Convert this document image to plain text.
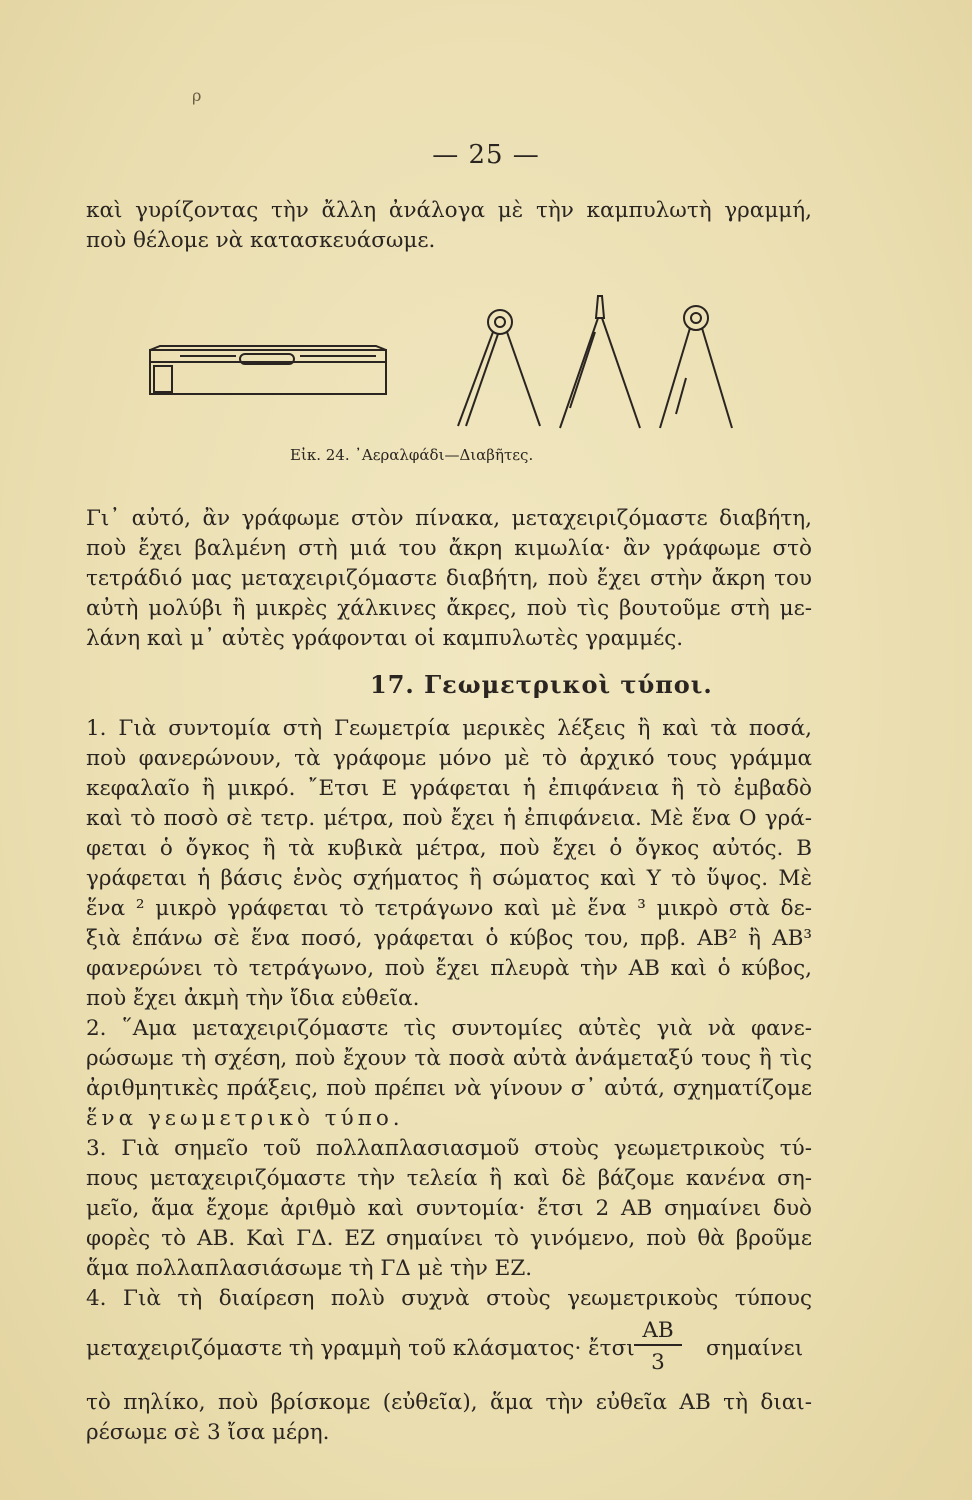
ρ
— 25 —
καὶ γυρίζοντας τὴν ἄλλη ἀνάλογα μὲ τὴν καμπυλωτὴ γραμμή,
ποὺ θέλομε νὰ κατασκευάσωμε.
Εἰκ. 24. ᾿Αεραλφάδι—Διαβῆτες.
Γι᾿ αὐτό, ἂν γράφωμε στὸν πίνακα, μεταχειριζόμαστε διαβήτη,
ποὺ ἔχει βαλμένη στὴ μιά του ἄκρη κιμωλία· ἂν γράφωμε στὸ
τετράδιό μας μεταχειριζόμαστε διαβήτη, ποὺ ἔχει στὴν ἄκρη του
αὐτὴ μολύβι ἢ μικρὲς χάλκινες ἄκρες, ποὺ τὶς βουτοῦμε στὴ με-
λάνη καὶ μ᾿ αὐτὲς γράφονται οἱ καμπυλωτὲς γραμμές.
17. Γεωμετρικοὶ τύποι.
1. Γιὰ συντομία στὴ Γεωμετρία μερικὲς λέξεις ἢ καὶ τὰ ποσά,
ποὺ φανερώνουν, τὰ γράφομε μόνο μὲ τὸ ἀρχικό τους γράμμα
κεφαλαῖο ἢ μικρό. ῎Ετσι Ε γράφεται ἡ ἐπιφάνεια ἢ τὸ ἐμβαδὸ
καὶ τὸ ποσὸ σὲ τετρ. μέτρα, ποὺ ἔχει ἡ ἐπιφάνεια. Μὲ ἕνα Ο γρά-
φεται ὁ ὄγκος ἢ τὰ κυβικὰ μέτρα, ποὺ ἔχει ὁ ὄγκος αὐτός. Β
γράφεται ἡ βάσις ἑνὸς σχήματος ἢ σώματος καὶ Υ τὸ ὕψος. Μὲ
ἕνα ² μικρὸ γράφεται τὸ τετράγωνο καὶ μὲ ἕνα ³ μικρὸ στὰ δε-
ξιὰ ἐπάνω σὲ ἕνα ποσό, γράφεται ὁ κύβος του, πρβ. ΑΒ² ἢ ΑΒ³
φανερώνει τὸ τετράγωνο, ποὺ ἔχει πλευρὰ τὴν ΑΒ καὶ ὁ κύβος,
ποὺ ἔχει ἀκμὴ τὴν ἴδια εὐθεῖα.
2. ῞Αμα μεταχειριζόμαστε τὶς συντομίες αὐτὲς γιὰ νὰ φανε-
ρώσωμε τὴ σχέση, ποὺ ἔχουν τὰ ποσὰ αὐτὰ ἀνάμεταξύ τους ἢ τὶς
ἀριθμητικὲς πράξεις, ποὺ πρέπει νὰ γίνουν σ᾿ αὐτά, σχηματίζομε
ἕνα γεωμετρικὸ τύπο.
3. Γιὰ σημεῖο τοῦ πολλαπλασιασμοῦ στοὺς γεωμετρικοὺς τύ-
πους μεταχειριζόμαστε τὴν τελεία ἢ καὶ δὲ βάζομε κανένα ση-
μεῖο, ἅμα ἔχομε ἀριθμὸ καὶ συντομία· ἔτσι 2 ΑΒ σημαίνει δυὸ
φορὲς τὸ ΑΒ. Καὶ ΓΔ. ΕΖ σημαίνει τὸ γινόμενο, ποὺ θὰ βροῦμε
ἅμα πολλαπλασιάσωμε τὴ ΓΔ μὲ τὴν ΕΖ.
4. Γιὰ τὴ διαίρεση πολὺ συχνὰ στοὺς γεωμετρικοὺς τύπους
μεταχειριζόμαστε τὴ γραμμὴ τοῦ κλάσματος· ἔτσι
ΑΒ
3
σημαίνει
τὸ πηλίκο, ποὺ βρίσκομε (εὐθεῖα), ἅμα τὴν εὐθεῖα ΑΒ τὴ διαι-
ρέσωμε σὲ 3 ἴσα μέρη.
